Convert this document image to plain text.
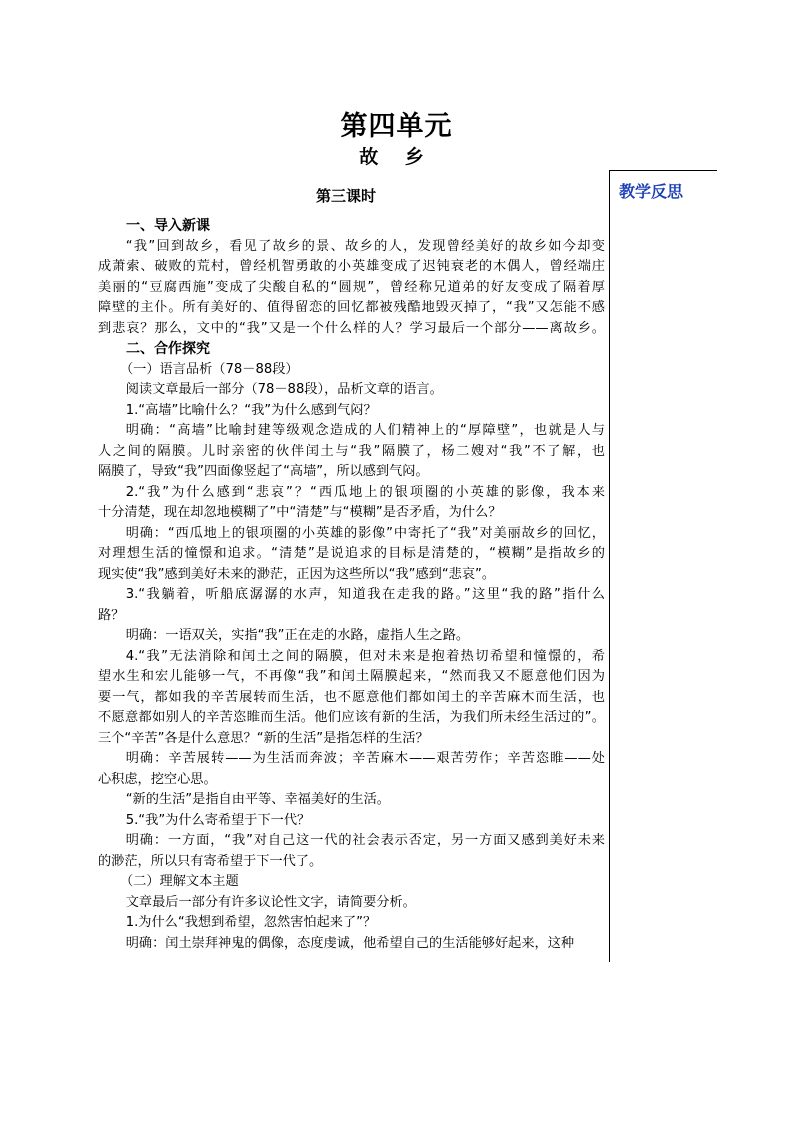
第四单元
故 乡
教学反思
第三课时

一、导入新课

“我”回到故乡，看见了故乡的景、故乡的人，发现曾经美好的故乡如今却变

成萧索、破败的荒村，曾经机智勇敢的小英雄变成了迟钝衰老的木偶人，曾经端庄

美丽的“豆腐西施”变成了尖酸自私的“圆规”，曾经称兄道弟的好友变成了隔着厚

障壁的主仆。所有美好的、值得留恋的回忆都被残酷地毁灭掉了，“我”又怎能不感

到悲哀？那么，文中的“我”又是一个什么样的人？学习最后一个部分——离故乡。

二、合作探究

（一）语言品析（78－88段）

阅读文章最后一部分（78－88段），品析文章的语言。

1.“高墙”比喻什么？“我”为什么感到气闷？

明确：“高墙”比喻封建等级观念造成的人们精神上的“厚障壁”，也就是人与

人之间的隔膜。儿时亲密的伙伴闰土与“我”隔膜了，杨二嫂对“我”不了解，也

隔膜了，导致“我”四面像竖起了“高墙”，所以感到气闷。

2.“我”为什么感到“悲哀”？“西瓜地上的银项圈的小英雄的影像，我本来

十分清楚，现在却忽地模糊了”中“清楚”与“模糊”是否矛盾，为什么？

明确：“西瓜地上的银项圈的小英雄的影像”中寄托了“我”对美丽故乡的回忆，

对理想生活的憧憬和追求。“清楚”是说追求的目标是清楚的，“模糊”是指故乡的

现实使“我”感到美好未来的渺茫，正因为这些所以“我”感到“悲哀”。

3.“我躺着，听船底潺潺的水声，知道我在走我的路。”这里“我的路”指什么

路？

明确：一语双关，实指“我”正在走的水路，虚指人生之路。

4.“我”无法消除和闰土之间的隔膜，但对未来是抱着热切希望和憧憬的，希

望水生和宏儿能够一气，不再像“我”和闰土隔膜起来，“然而我又不愿意他们因为

要一气，都如我的辛苦展转而生活，也不愿意他们都如闰土的辛苦麻木而生活，也

不愿意都如别人的辛苦恣睢而生活。他们应该有新的生活，为我们所未经生活过的”。

三个“辛苦”各是什么意思？“新的生活”是指怎样的生活？

明确：辛苦展转——为生活而奔波；辛苦麻木——艰苦劳作；辛苦恣睢——处

心积虑，挖空心思。

“新的生活”是指自由平等、幸福美好的生活。

5.“我”为什么寄希望于下一代？

明确：一方面，“我”对自己这一代的社会表示否定，另一方面又感到美好未来

的渺茫，所以只有寄希望于下一代了。

（二）理解文本主题

文章最后一部分有许多议论性文字，请简要分析。

1.为什么“我想到希望，忽然害怕起来了”？

明确：闰土崇拜神鬼的偶像，态度虔诚，他希望自己的生活能够好起来，这种
